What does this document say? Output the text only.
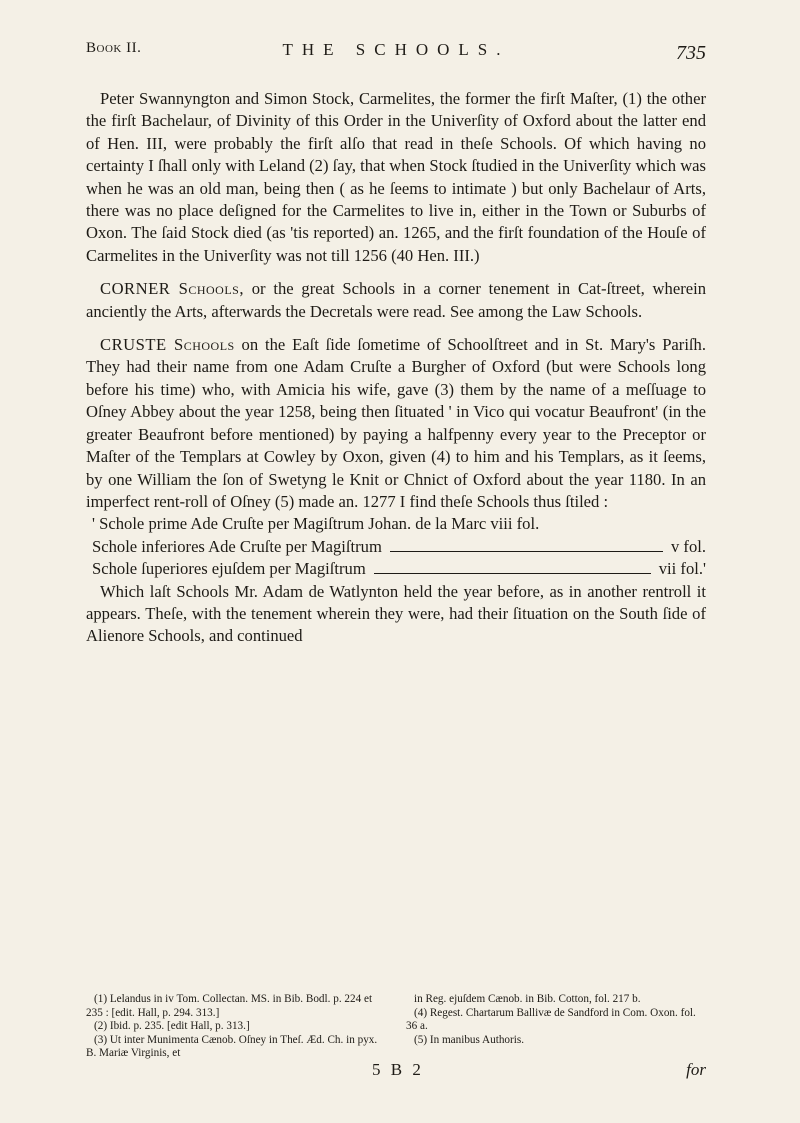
Book II.	THE SCHOOLS.	735

Peter Swannyngton and Simon Stock, Carmelites, the former the firſt Maſter, (1) the other the firſt Bachelaur, of Divinity of this Order in the Univerſity of Oxford about the latter end of Hen. III, were probably the firſt alſo that read in theſe Schools. Of which having no certainty I ſhall only with Leland (2) ſay, that when Stock ſtudied in the Univerſity which was when he was an old man, being then ( as he ſeems to intimate ) but only Bachelaur of Arts, there was no place deſigned for the Carmelites to live in, either in the Town or Suburbs of Oxon. The ſaid Stock died (as 'tis reported) an. 1265, and the firſt foundation of the Houſe of Carmelites in the Univerſity was not till 1256 (40 Hen. III.)

CORNER Schools, or the great Schools in a corner tenement in Cat-ſtreet, wherein anciently the Arts, afterwards the Decretals were read. See among the Law Schools.

CRUSTE Schools on the Eaſt ſide ſometime of Schoolſtreet and in St. Mary's Pariſh. They had their name from one Adam Cruſte a Burgher of Oxford (but were Schools long before his time) who, with Amicia his wife, gave (3) them by the name of a meſſuage to Oſney Abbey about the year 1258, being then ſituated ' in Vico qui vocatur Beaufront' (in the greater Beaufront before mentioned) by paying a halfpenny every year to the Preceptor or Maſter of the Templars at Cowley by Oxon, given (4) to him and his Templars, as it ſeems, by one William the ſon of Swetyng le Knit or Chnict of Oxford about the year 1180. In an imperfect rent-roll of Oſney (5) made an. 1277 I find theſe Schools thus ſtiled :

' Schole prime Ade Cruſte per Magiſtrum Johan. de la Marc viii fol.
Schole inferiores Ade Cruſte per Magiſtrum	v fol.
Schole ſuperiores ejuſdem per Magiſtrum	vii fol.'

Which laſt Schools Mr. Adam de Watlynton held the year before, as in another rentroll it appears. Theſe, with the tenement wherein they were, had their ſituation on the South ſide of Alienore Schools, and continued

(1) Lelandus in iv Tom. Collectan. MS. in Bib. Bodl. p. 224 et 235 : [edit. Hall, p. 294. 313.]

(2) Ibid. p. 235. [edit Hall, p. 313.]

(3) Ut inter Munimenta Cænob. Oſney in Theſ. Æd. Ch. in pyx. B. Mariæ Virginis, et

in Reg. ejuſdem Cænob. in Bib. Cotton, fol. 217 b.

(4) Regest. Chartarum Ballivæ de Sandford in Com. Oxon. fol. 36 a.

(5) In manibus Authoris.

5 B 2	for
